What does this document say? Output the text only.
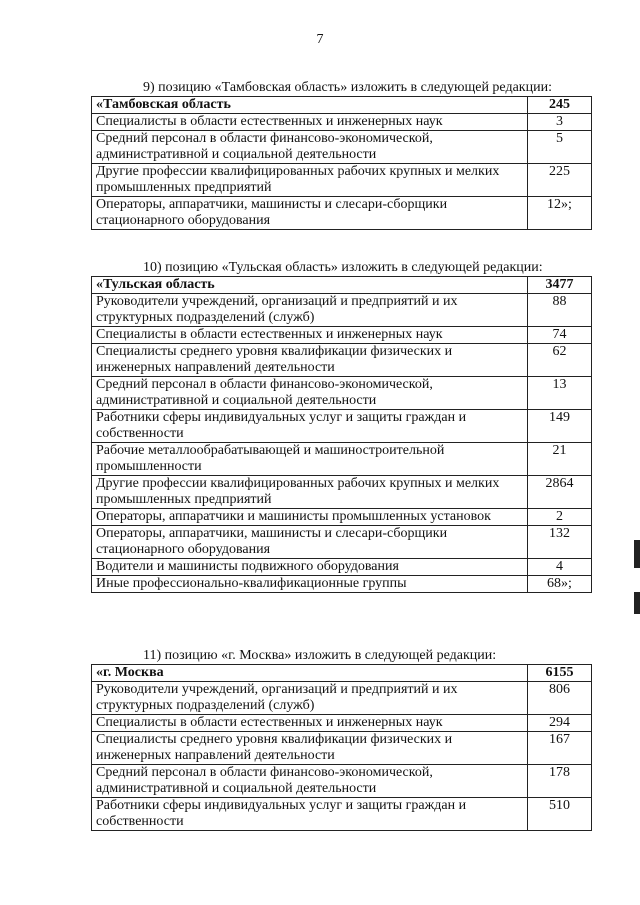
7

9) позицию «Тамбовская область» изложить в следующей редакции:

«Тамбовская область	245
Специалисты в области естественных и инженерных наук	3
Средний персонал в области финансово-экономической, административной и социальной деятельности	5
Другие профессии квалифицированных рабочих крупных и мелких промышленных предприятий	225
Операторы, аппаратчики, машинисты и слесари-сборщики стационарного оборудования	12»;

10) позицию «Тульская область» изложить в следующей редакции:

«Тульская область	3477
Руководители учреждений, организаций и предприятий и их структурных подразделений (служб)	88
Специалисты в области естественных и инженерных наук	74
Специалисты среднего уровня квалификации физических и инженерных направлений деятельности	62
Средний персонал в области финансово-экономической, административной и социальной деятельности	13
Работники сферы индивидуальных услуг и защиты граждан и собственности	149
Рабочие металлообрабатывающей и машиностроительной промышленности	21
Другие профессии квалифицированных рабочих крупных и мелких промышленных предприятий	2864
Операторы, аппаратчики и машинисты промышленных установок	2
Операторы, аппаратчики, машинисты и слесари-сборщики стационарного оборудования	132
Водители и машинисты подвижного оборудования	4
Иные профессионально-квалификационные группы	68»;

11) позицию «г. Москва» изложить в следующей редакции:

«г. Москва	6155
Руководители учреждений, организаций и предприятий и их структурных подразделений (служб)	806
Специалисты в области естественных и инженерных наук	294
Специалисты среднего уровня квалификации физических и инженерных направлений деятельности	167
Средний персонал в области финансово-экономической, административной и социальной деятельности	178
Работники сферы индивидуальных услуг и защиты граждан и собственности	510
